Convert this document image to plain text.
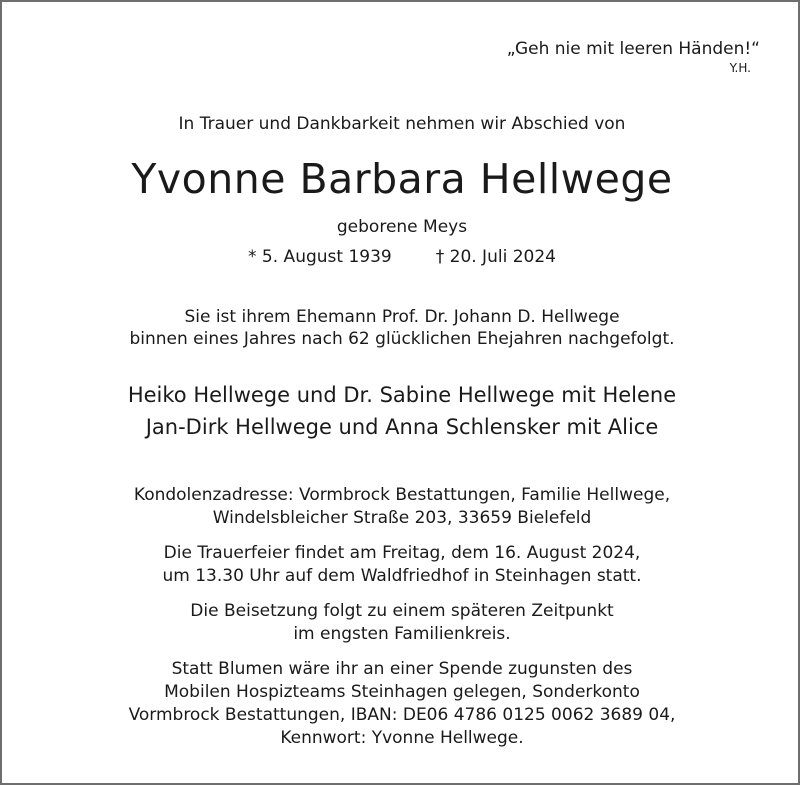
„Geh nie mit leeren Händen!“
Y.H.
In Trauer und Dankbarkeit nehmen wir Abschied von
Yvonne Barbara Hellwege
geborene Meys
* 5. August 1939	† 20. Juli 2024
Sie ist ihrem Ehemann Prof. Dr. Johann D. Hellwege
binnen eines Jahres nach 62 glücklichen Ehejahren nachgefolgt.
Heiko Hellwege und Dr. Sabine Hellwege mit Helene
Jan-Dirk Hellwege und Anna Schlensker mit Alice
Kondolenzadresse: Vormbrock Bestattungen, Familie Hellwege,
Windelsbleicher Straße 203, 33659 Bielefeld
Die Trauerfeier findet am Freitag, dem 16. August 2024,
um 13.30 Uhr auf dem Waldfriedhof in Steinhagen statt.
Die Beisetzung folgt zu einem späteren Zeitpunkt
im engsten Familienkreis.
Statt Blumen wäre ihr an einer Spende zugunsten des
Mobilen Hospizteams Steinhagen gelegen, Sonderkonto
Vormbrock Bestattungen, IBAN: DE06 4786 0125 0062 3689 04,
Kennwort: Yvonne Hellwege.
